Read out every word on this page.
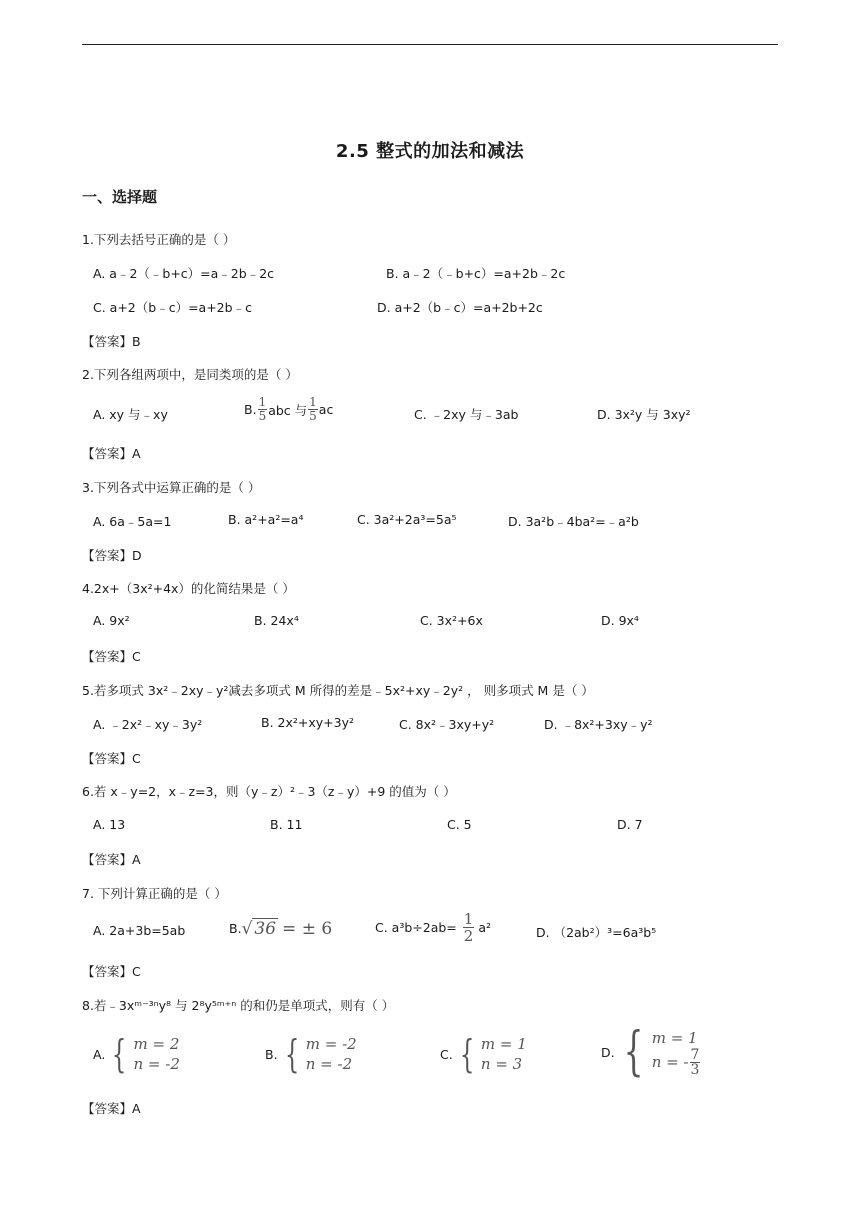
2.5 整式的加法和减法
一、选择题
1.下列去括号正确的是（ ）
A. a﹣2（﹣b+c）=a﹣2b﹣2c	B. a﹣2（﹣b+c）=a+2b﹣2c
C. a+2（b﹣c）=a+2b﹣c	D. a+2（b﹣c）=a+2b+2c
【答案】B
2.下列各组两项中，是同类项的是（ ）
A. xy 与﹣xy	B. $\frac{1}{5}$ abc 与 $\frac{1}{5}$ ac	C. ﹣2xy 与﹣3ab	D. 3x²y 与 3xy²
【答案】A
3.下列各式中运算正确的是（ ）
A. 6a﹣5a=1	B. a²+a²=a⁴	C. 3a²+2a³=5a⁵	D. 3a²b﹣4ba²=﹣a²b
【答案】D
4.2x+（3x²+4x）的化简结果是（ ）
A. 9x²	B. 24x⁴	C. 3x²+6x	D. 9x⁴
【答案】C
5.若多项式 3x²﹣2xy﹣y²减去多项式 M 所得的差是﹣5x²+xy﹣2y² ， 则多项式 M 是（ ）
A. ﹣2x²﹣xy﹣3y²	B. 2x²+xy+3y²	C. 8x²﹣3xy+y²	D. ﹣8x²+3xy﹣y²
【答案】C
6.若 x﹣y=2，x﹣z=3，则（y﹣z）²﹣3（z﹣y）+9 的值为（ ）
A. 13	B. 11	C. 5	D. 7
【答案】A
7. 下列计算正确的是（ ）
A. 2a+3b=5ab	B. √ 36 = ± 6	C. $a^3b\div 2ab= \frac{1}{2} a^2$	D. （2ab²）³=6a³b⁵
【答案】C
8.若﹣3xᵐ⁻³ⁿy⁸ 与 2⁸y⁵ᵐ⁺ⁿ 的和仍是单项式，则有（ ）
A. { m = 2
n = -2
B. { m = -2
n = -2
C. { m = 1
n = 3
D. { m = 1
n = - $\frac{7}{3}$
【答案】A
